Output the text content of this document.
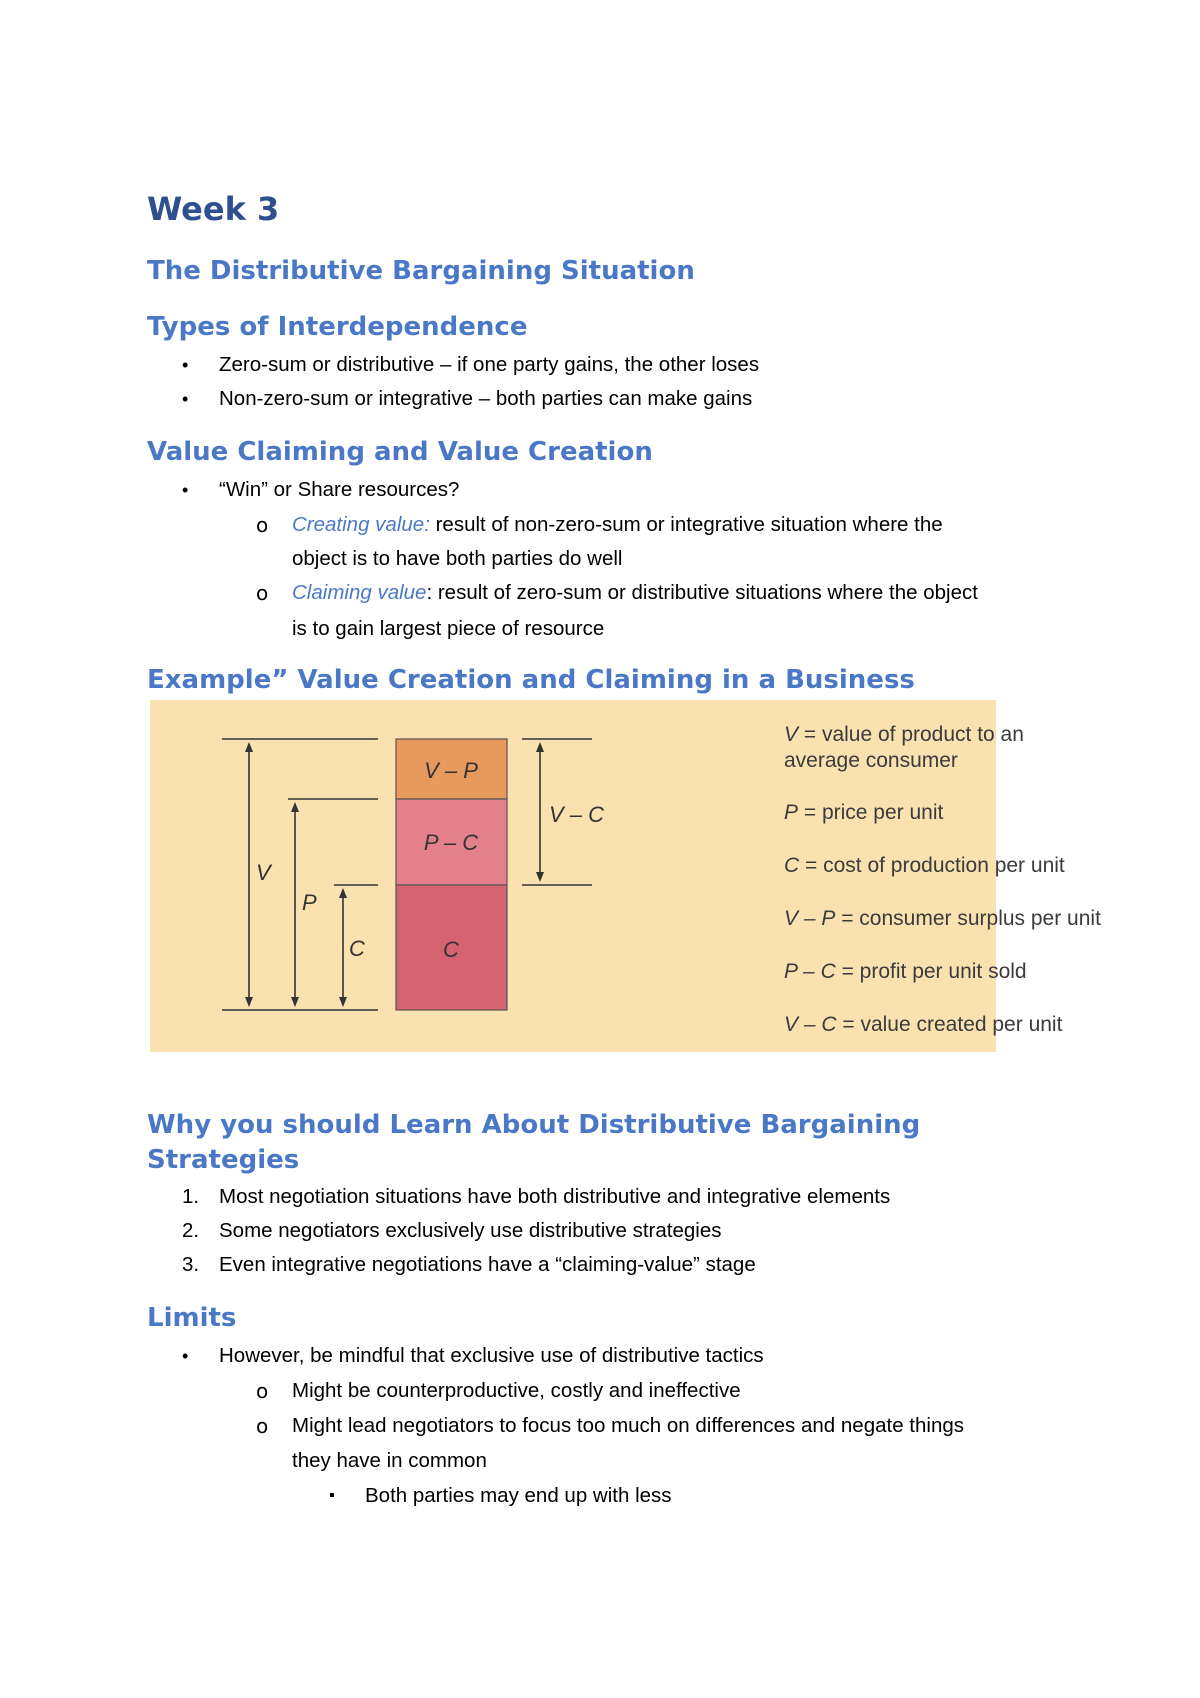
Week 3
The Distributive Bargaining Situation
Types of Interdependence
• Zero-sum or distributive – if one party gains, the other loses
• Non-zero-sum or integrative – both parties can make gains
Value Claiming and Value Creation
• “Win” or Share resources?
o Creating value: result of non-zero-sum or integrative situation where the
object is to have both parties do well
o Claiming value: result of zero-sum or distributive situations where the object
is to gain largest piece of resource
Example” Value Creation and Claiming in a Business
V
P
C
V – P
P – C
C
V – C
V = value of product to an
average consumer
P = price per unit
C = cost of production per unit
V – P = consumer surplus per unit
P – C = profit per unit sold
V – C = value created per unit
Why you should Learn About Distributive Bargaining
Strategies
1. Most negotiation situations have both distributive and integrative elements
2. Some negotiators exclusively use distributive strategies
3. Even integrative negotiations have a “claiming-value” stage
Limits
• However, be mindful that exclusive use of distributive tactics
o Might be counterproductive, costly and ineffective
o Might lead negotiators to focus too much on differences and negate things
they have in common
▪ Both parties may end up with less
